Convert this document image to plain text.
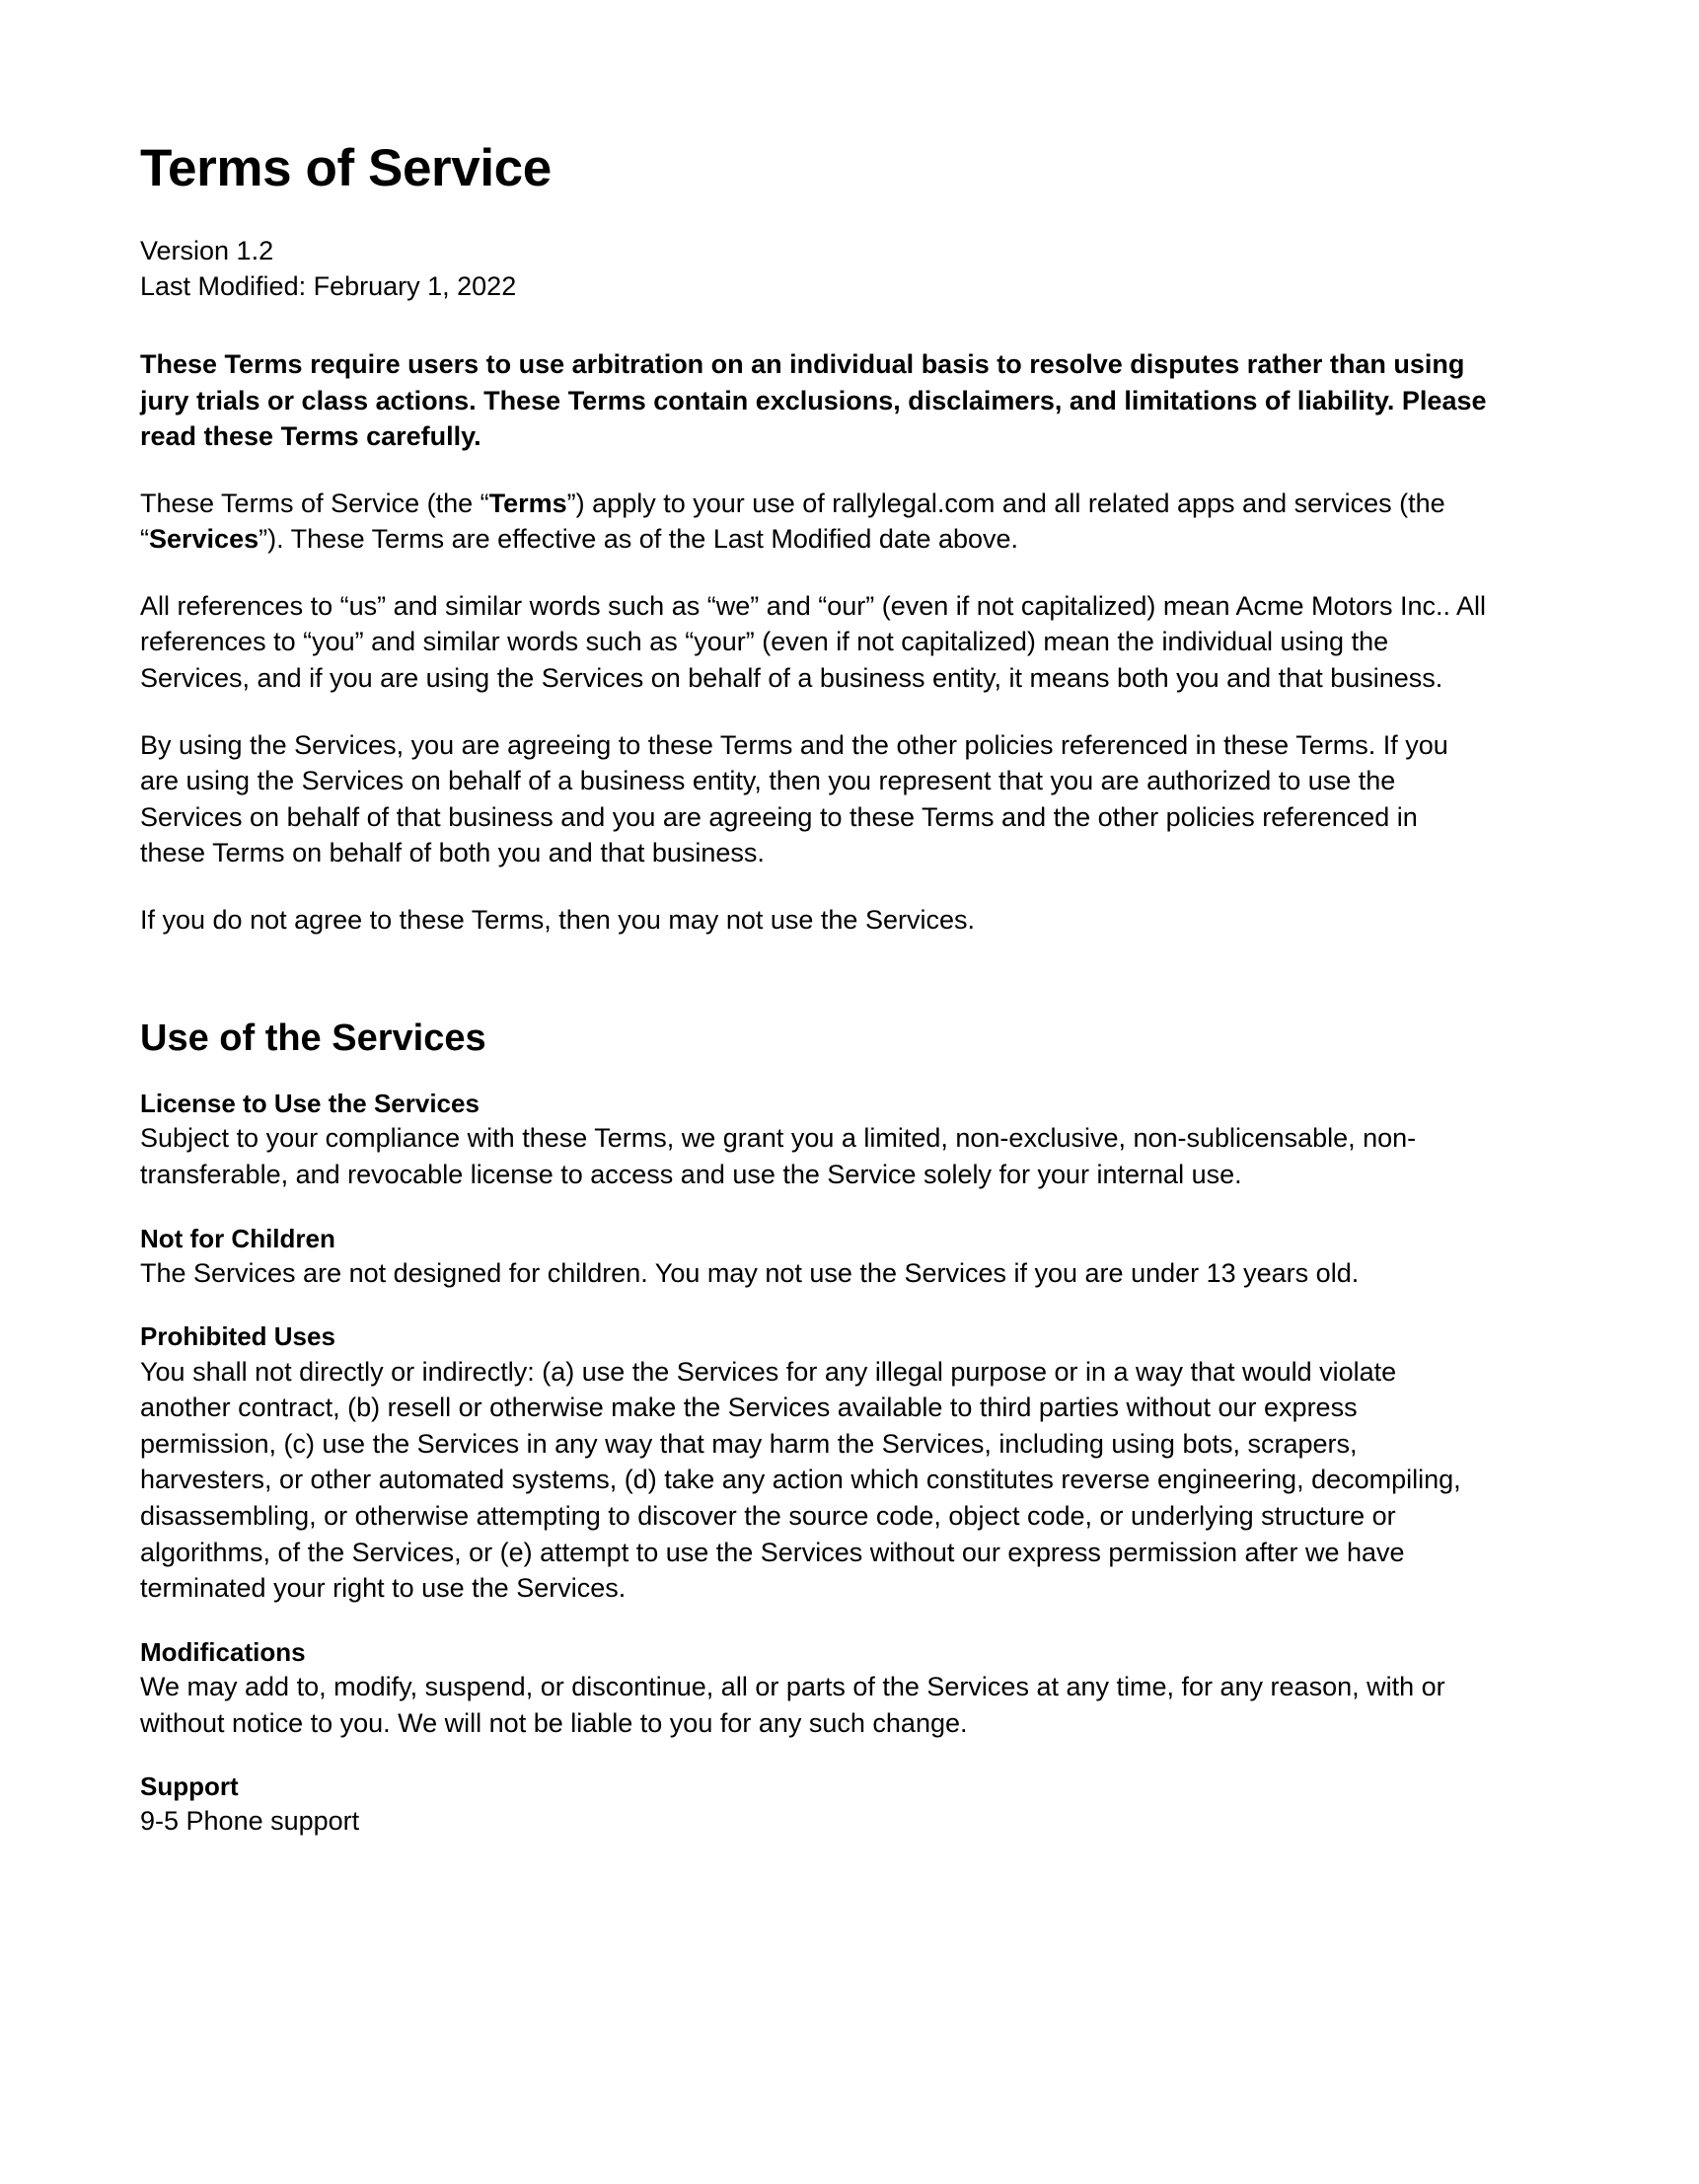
Terms of Service
Version 1.2
Last Modified: February 1, 2022

These Terms require users to use arbitration on an individual basis to resolve disputes rather than using jury trials or class actions. These Terms contain exclusions, disclaimers, and limitations of liability. Please read these Terms carefully.

These Terms of Service (the “Terms”) apply to your use of rallylegal.com and all related apps and services (the “Services”). These Terms are effective as of the Last Modified date above.

All references to “us” and similar words such as “we” and “our” (even if not capitalized) mean Acme Motors Inc.. All references to “you” and similar words such as “your” (even if not capitalized) mean the individual using the Services, and if you are using the Services on behalf of a business entity, it means both you and that business.

By using the Services, you are agreeing to these Terms and the other policies referenced in these Terms. If you are using the Services on behalf of a business entity, then you represent that you are authorized to use the Services on behalf of that business and you are agreeing to these Terms and the other policies referenced in these Terms on behalf of both you and that business.

If you do not agree to these Terms, then you may not use the Services.

Use of the Services
License to Use the Services

Subject to your compliance with these Terms, we grant you a limited, non-exclusive, non-sublicensable, non-transferable, and revocable license to access and use the Service solely for your internal use.

Not for Children

The Services are not designed for children. You may not use the Services if you are under 13 years old.

Prohibited Uses

You shall not directly or indirectly: (a) use the Services for any illegal purpose or in a way that would violate another contract, (b) resell or otherwise make the Services available to third parties without our express permission, (c) use the Services in any way that may harm the Services, including using bots, scrapers, harvesters, or other automated systems, (d) take any action which constitutes reverse engineering, decompiling, disassembling, or otherwise attempting to discover the source code, object code, or underlying structure or algorithms, of the Services, or (e) attempt to use the Services without our express permission after we have terminated your right to use the Services.

Modifications

We may add to, modify, suspend, or discontinue, all or parts of the Services at any time, for any reason, with or without notice to you. We will not be liable to you for any such change.

Support

9-5 Phone support
